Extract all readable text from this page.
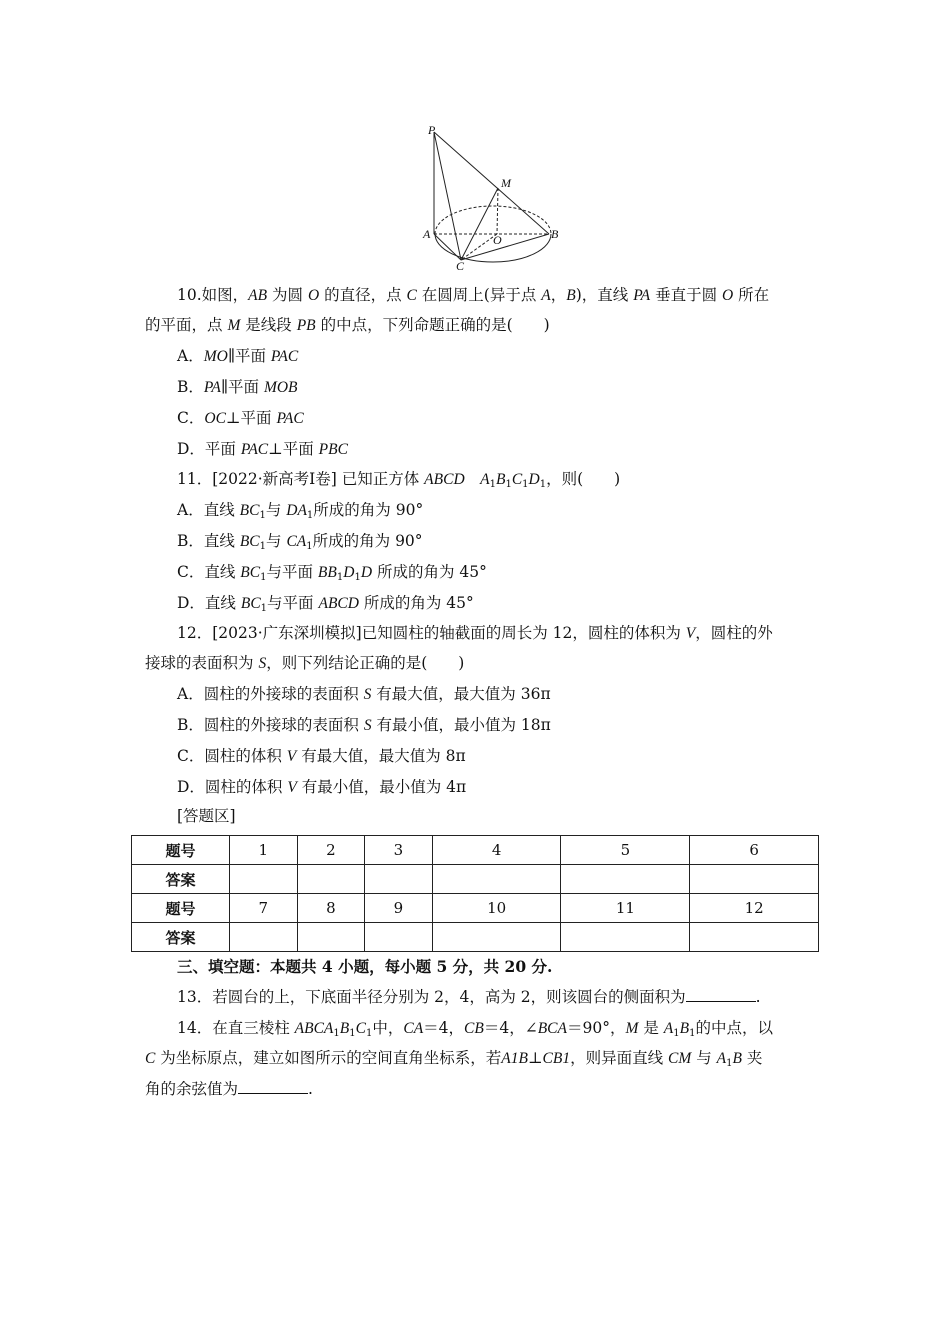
P
M
A	O	B
C
10.如图，AB 为圆 O 的直径，点 C 在圆周上(异于点 A，B)，直线 PA 垂直于圆 O 所在
的平面，点 M 是线段 PB 的中点，下列命题正确的是(　　)
A．MO∥平面 PAC
B．PA∥平面 MOB
C．OC⊥平面 PAC
D．平面 PAC⊥平面 PBC
11．[2022·新高考Ⅰ卷] 已知正方体 ABCD  $A_1B_1C_1D_1$，则(　　)
A．直线 $BC_1$与 $DA_1$所成的角为 90°
B．直线 $BC_1$与 $CA_1$所成的角为 90°
C．直线 $BC_1$与平面 $BB_1D_1D$ 所成的角为 45°
D．直线 $BC_1$与平面 ABCD 所成的角为 45°
12．[2023·广东深圳模拟]已知圆柱的轴截面的周长为 12，圆柱的体积为 V，圆柱的外
接球的表面积为 S，则下列结论正确的是(　　)
A．圆柱的外接球的表面积 S 有最大值，最大值为 36π
B．圆柱的外接球的表面积 S 有最小值，最小值为 18π
C．圆柱的体积 V 有最大值，最大值为 8π
D．圆柱的体积 V 有最小值，最小值为 4π
[答题区]
题号	1	2	3	4	5	6
答案						
题号	7	8	9	10	11	12
答案						
三、填空题：本题共 4 小题，每小题 5 分，共 20 分.
13．若圆台的上，下底面半径分别为 2，4，高为 2，则该圆台的侧面积为	.
14．在直三棱柱 $ABCA_1B_1C_1$中，CA＝4，CB＝4，∠BCA＝90°，M 是 $A_1B_1$的中点，以
C 为坐标原点，建立如图所示的空间直角坐标系，若A1B⊥CB1，则异面直线 CM 与 $A_1B$ 夹
角的余弦值为	.
